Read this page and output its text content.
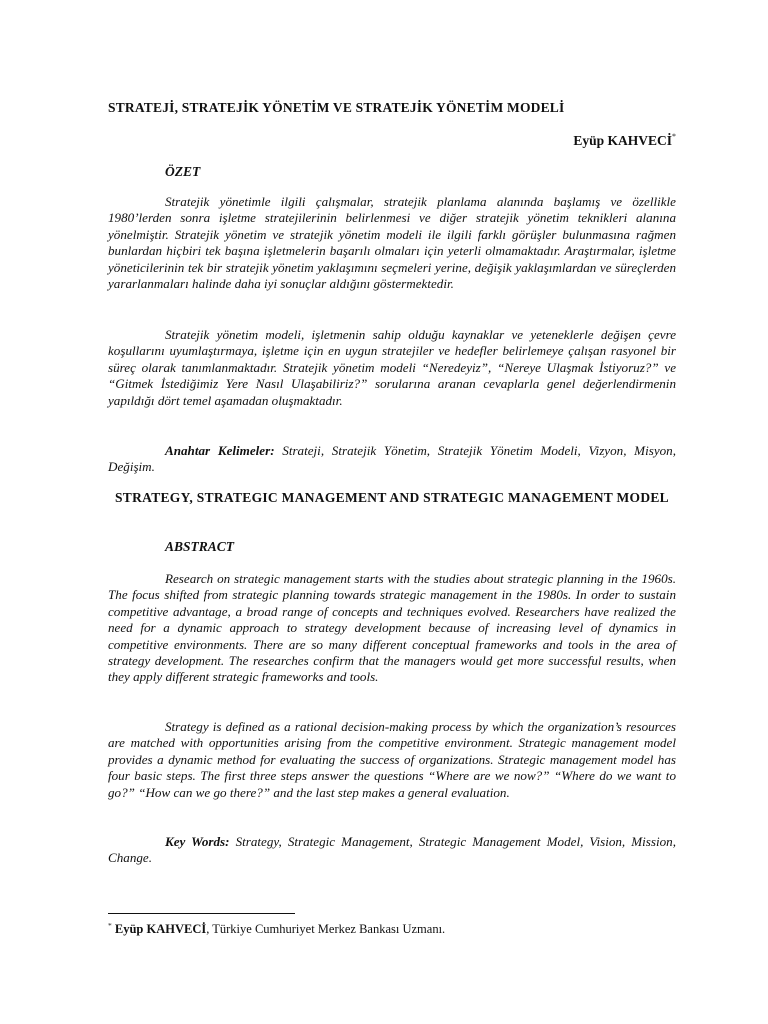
STRATEJİ, STRATEJİK YÖNETİM VE STRATEJİK YÖNETİM MODELİ
Eyüp KAHVECİ*
ÖZET

Stratejik yönetimle ilgili çalışmalar, stratejik planlama alanında başlamış ve özellikle 1980’lerden sonra işletme stratejilerinin belirlenmesi ve diğer stratejik yönetim teknikleri alanına yönelmiştir. Stratejik yönetim ve stratejik yönetim modeli ile ilgili farklı görüşler bulunmasına rağmen bunlardan hiçbiri tek başına işletmelerin başarılı olmaları için yeterli olmamaktadır. Araştırmalar, işletme yöneticilerinin tek bir stratejik yönetim yaklaşımını seçmeleri yerine, değişik yaklaşımlardan ve süreçlerden yararlanmaları halinde daha iyi sonuçlar aldığını göstermektedir.

Stratejik yönetim modeli, işletmenin sahip olduğu kaynaklar ve yeteneklerle değişen çevre koşullarını uyumlaştırmaya, işletme için en uygun stratejiler ve hedefler belirlemeye çalışan rasyonel bir süreç olarak tanımlanmaktadır. Stratejik yönetim modeli “Neredeyiz”, “Nereye Ulaşmak İstiyoruz?” ve “Gitmek İstediğimiz Yere Nasıl Ulaşabiliriz?” sorularına aranan cevaplarla genel değerlendirmenin yapıldığı dört temel aşamadan oluşmaktadır.

Anahtar Kelimeler: Strateji, Stratejik Yönetim, Stratejik Yönetim Modeli, Vizyon, Misyon, Değişim.

STRATEGY, STRATEGIC MANAGEMENT AND STRATEGIC MANAGEMENT MODEL
ABSTRACT

Research on strategic management starts with the studies about strategic planning in the 1960s. The focus shifted from strategic planning towards strategic management in the 1980s. In order to sustain competitive advantage, a broad range of concepts and techniques evolved. Researchers have realized the need for a dynamic approach to strategy development because of increasing level of dynamics in competitive environments. There are so many different conceptual frameworks and tools in the area of strategy development. The researches confirm that the managers would get more successful results, when they apply different strategic frameworks and tools.

Strategy is defined as a rational decision-making process by which the organization’s resources are matched with opportunities arising from the competitive environment. Strategic management model provides a dynamic method for evaluating the success of organizations. Strategic management model has four basic steps. The first three steps answer the questions “Where are we now?” “Where do we want to go?” “How can we go there?” and the last step makes a general evaluation.

Key Words: Strategy, Strategic Management, Strategic Management Model, Vision, Mission, Change.

* Eyüp KAHVECİ, Türkiye Cumhuriyet Merkez Bankası Uzmanı.
